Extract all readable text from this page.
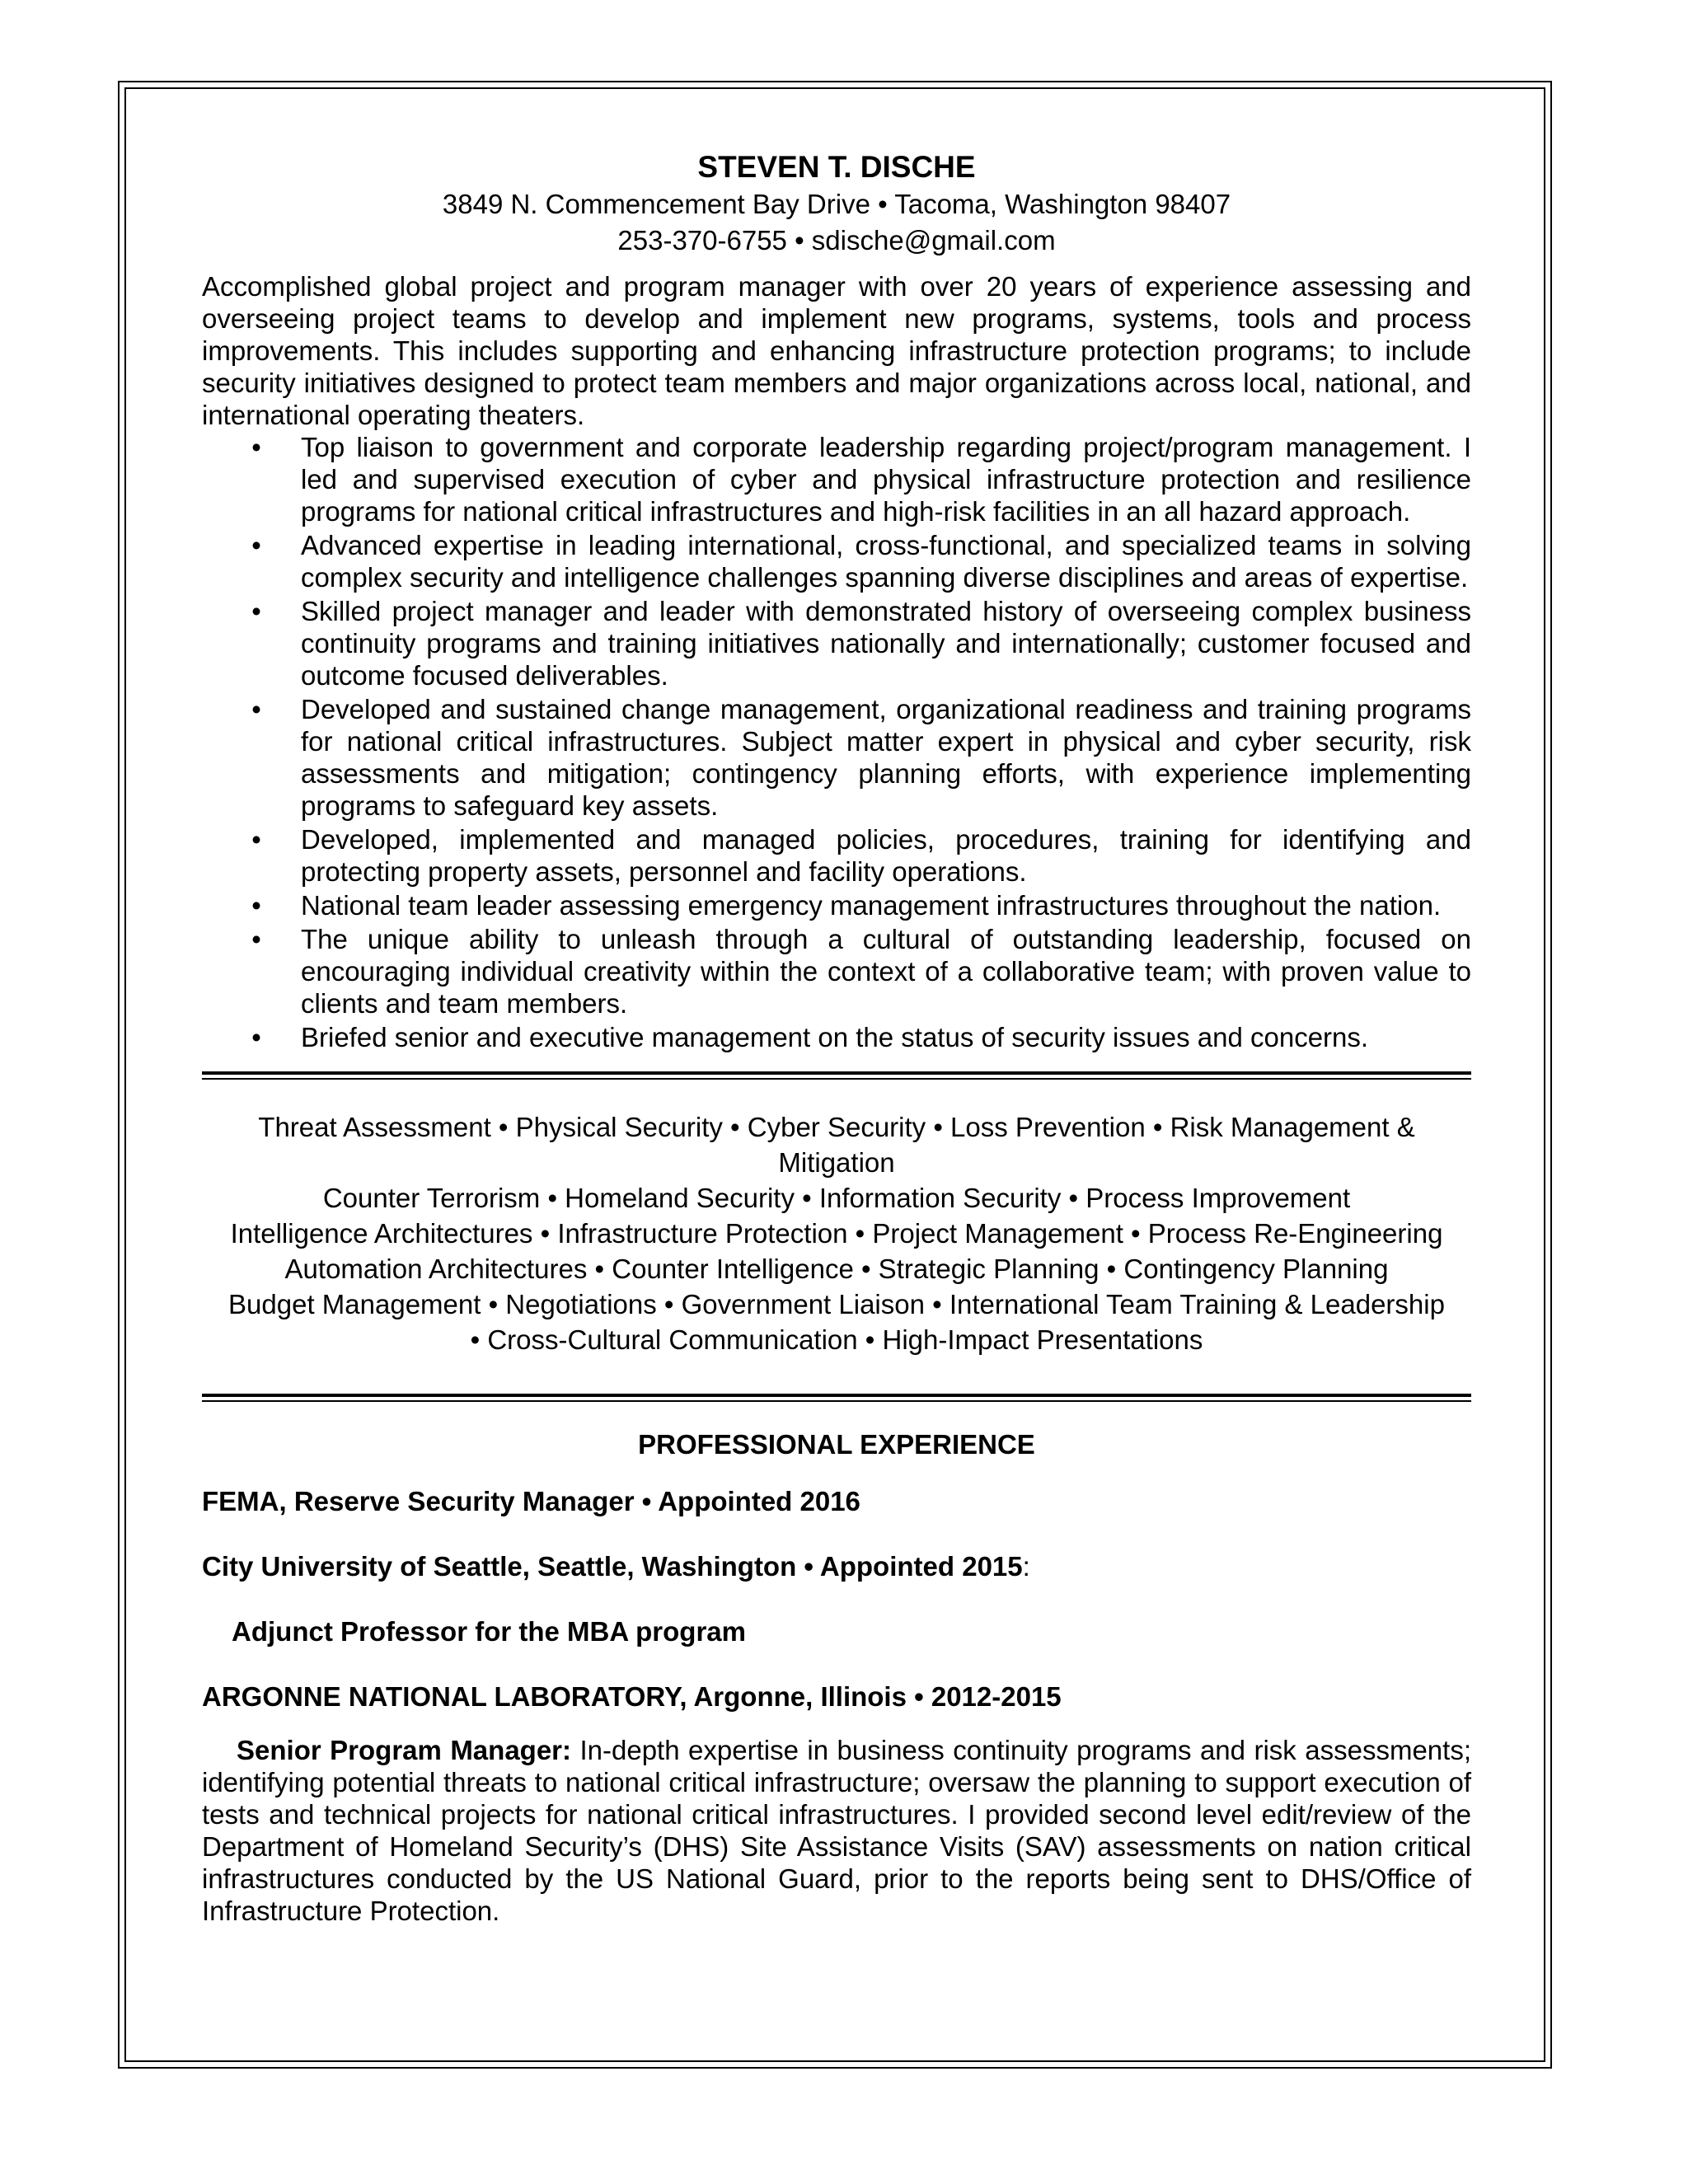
STEVEN T. DISCHE
3849 N. Commencement Bay Drive • Tacoma, Washington 98407
253-370-6755 • sdische@gmail.com
Accomplished global project and program manager with over 20 years of experience assessing and overseeing project teams to develop and implement new programs, systems, tools and process improvements. This includes supporting and enhancing infrastructure protection programs; to include security initiatives designed to protect team members and major organizations across local, national, and international operating theaters.
• Top liaison to government and corporate leadership regarding project/program management. I led and supervised execution of cyber and physical infrastructure protection and resilience programs for national critical infrastructures and high-risk facilities in an all hazard approach.
• Advanced expertise in leading international, cross-functional, and specialized teams in solving complex security and intelligence challenges spanning diverse disciplines and areas of expertise.
• Skilled project manager and leader with demonstrated history of overseeing complex business continuity programs and training initiatives nationally and internationally; customer focused and outcome focused deliverables.
• Developed and sustained change management, organizational readiness and training programs for national critical infrastructures. Subject matter expert in physical and cyber security, risk assessments and mitigation; contingency planning efforts, with experience implementing programs to safeguard key assets.
• Developed, implemented and managed policies, procedures, training for identifying and protecting property assets, personnel and facility operations.
• National team leader assessing emergency management infrastructures throughout the nation.
• The unique ability to unleash through a cultural of outstanding leadership, focused on encouraging individual creativity within the context of a collaborative team; with proven value to clients and team members.
• Briefed senior and executive management on the status of security issues and concerns.
Threat Assessment • Physical Security • Cyber Security • Loss Prevention • Risk Management & Mitigation
Counter Terrorism • Homeland Security • Information Security • Process Improvement
Intelligence Architectures • Infrastructure Protection • Project Management • Process Re-Engineering
Automation Architectures • Counter Intelligence • Strategic Planning • Contingency Planning
Budget Management • Negotiations • Government Liaison • International Team Training & Leadership
• Cross-Cultural Communication • High-Impact Presentations
PROFESSIONAL EXPERIENCE
FEMA, Reserve Security Manager • Appointed 2016
City University of Seattle, Seattle, Washington • Appointed 2015:
Adjunct Professor for the MBA program
ARGONNE NATIONAL LABORATORY, Argonne, Illinois • 2012-2015
Senior Program Manager: In-depth expertise in business continuity programs and risk assessments; identifying potential threats to national critical infrastructure; oversaw the planning to support execution of tests and technical projects for national critical infrastructures. I provided second level edit/review of the Department of Homeland Security’s (DHS) Site Assistance Visits (SAV) assessments on nation critical infrastructures conducted by the US National Guard, prior to the reports being sent to DHS/Office of Infrastructure Protection.
